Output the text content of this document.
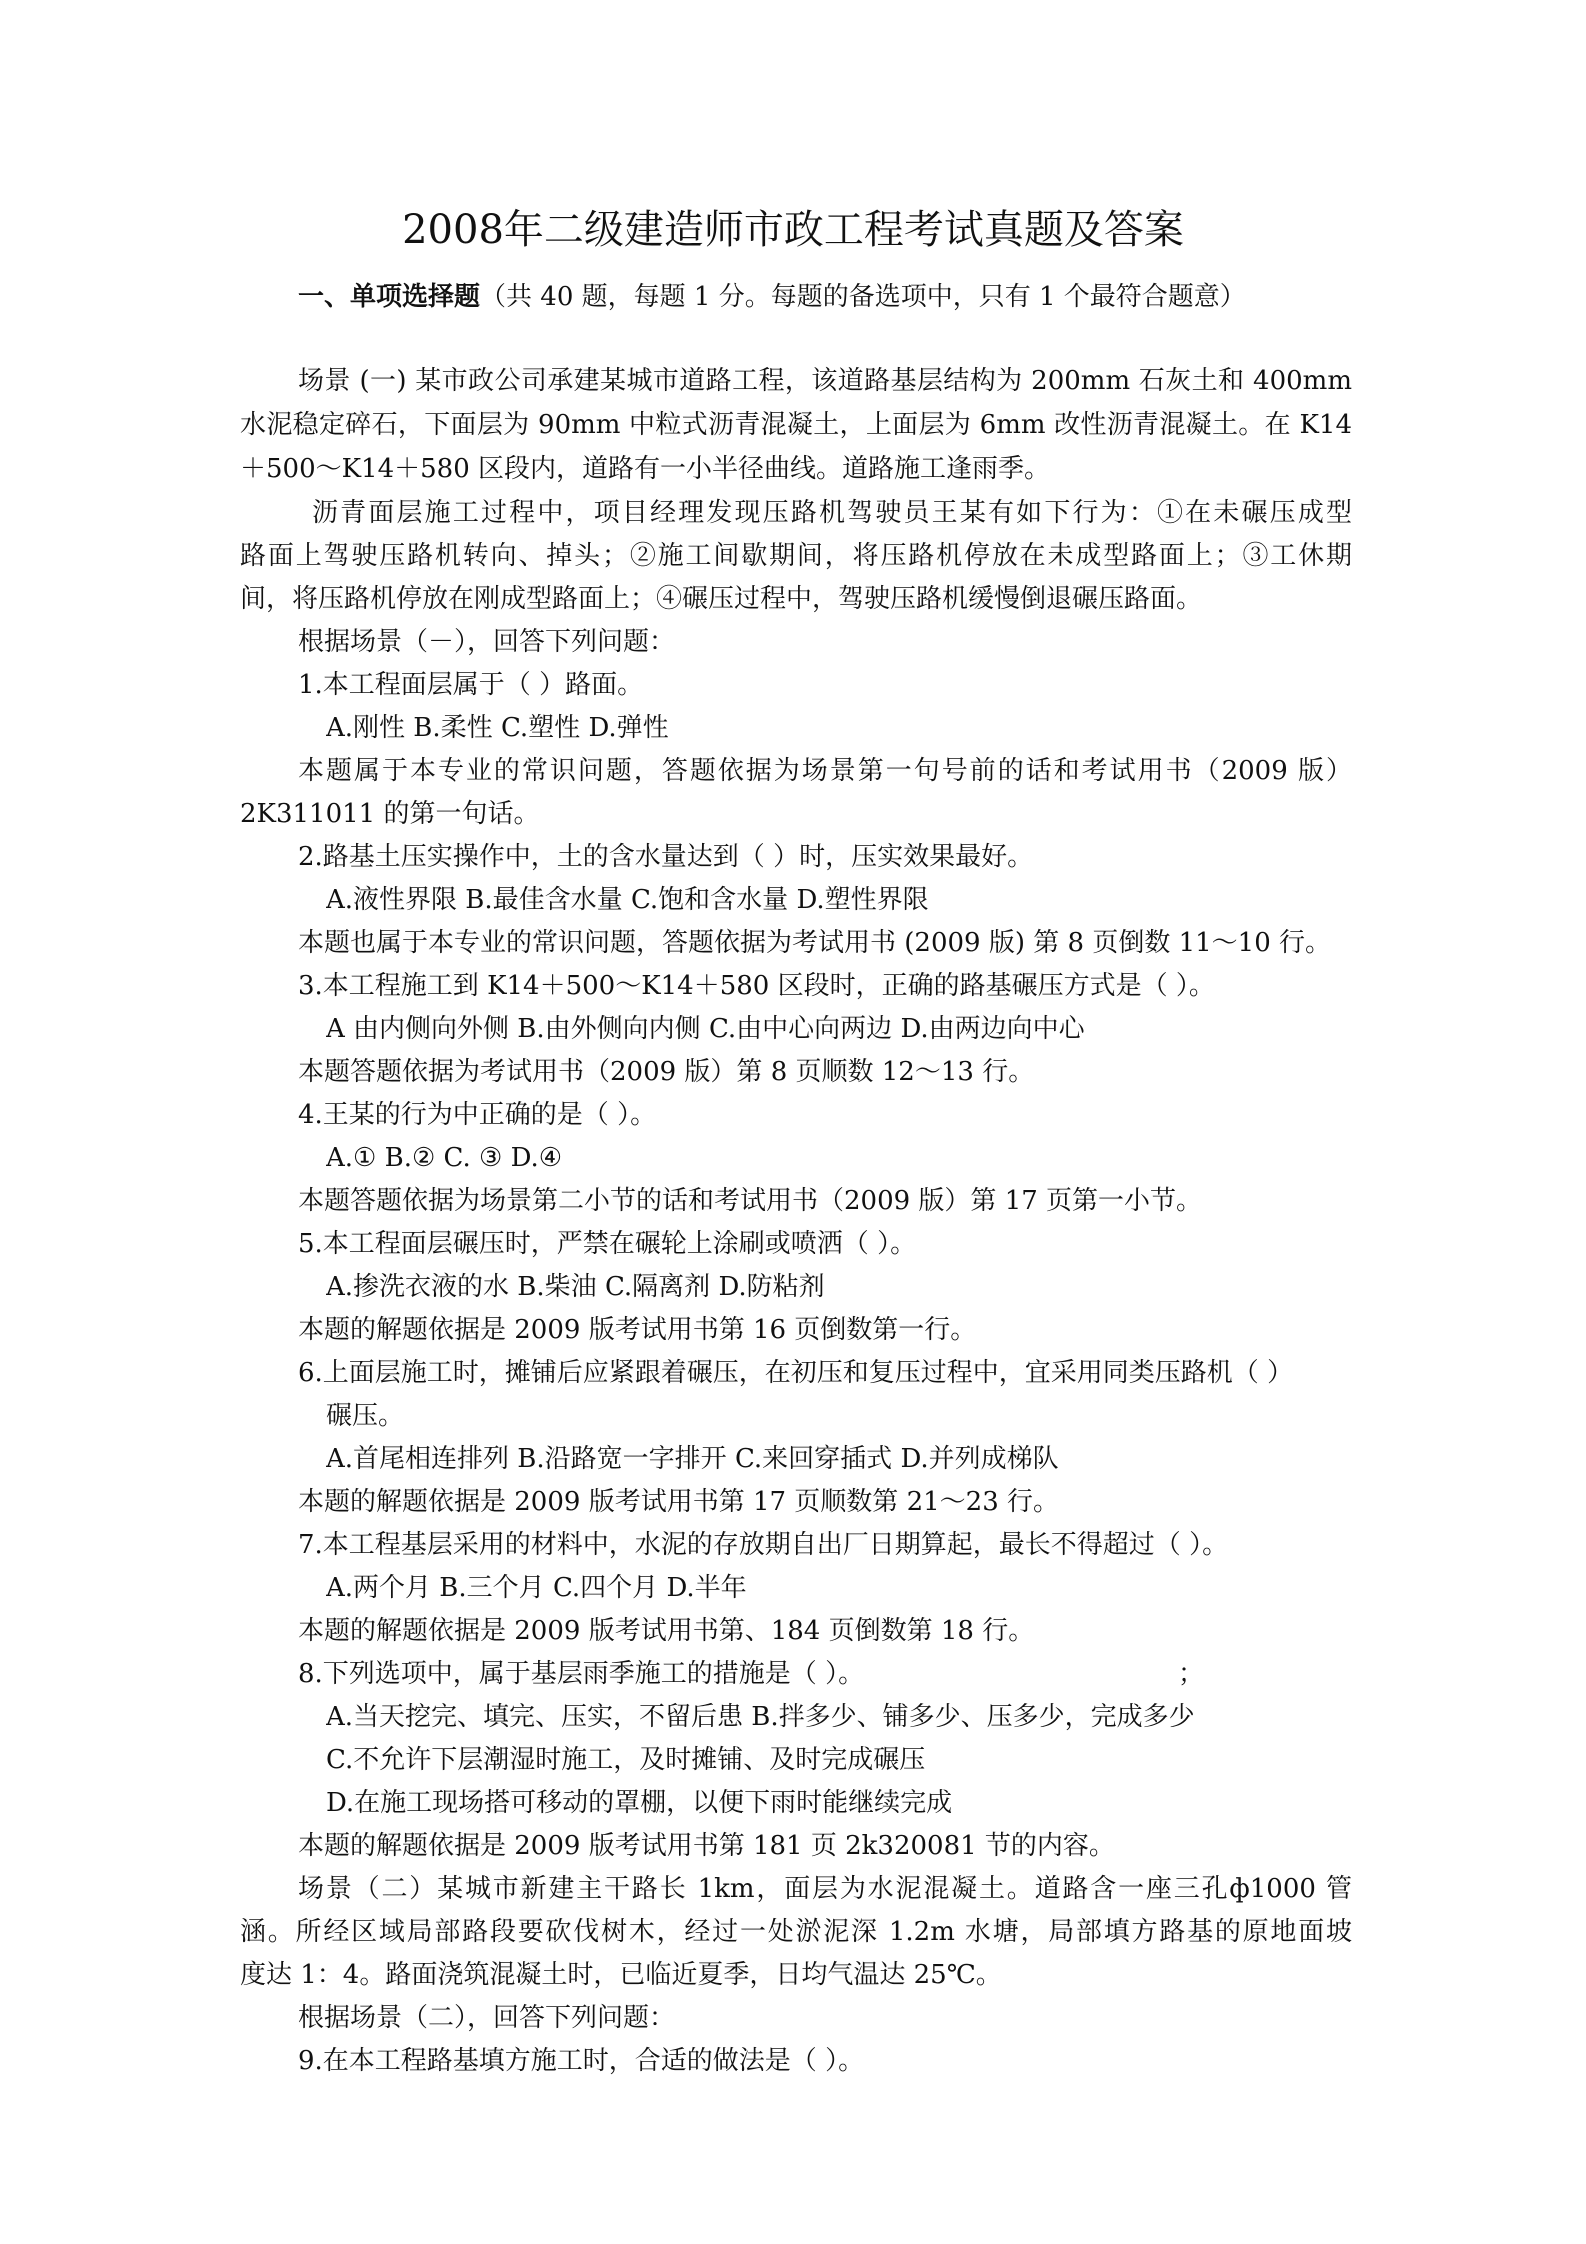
2008年二级建造师市政工程考试真题及答案
一、单项选择题（共 40 题，每题 1 分。每题的备选项中，只有 1 个最符合题意）
场景 (一) 某市政公司承建某城市道路工程，该道路基层结构为 200mm 石灰土和 400mm
水泥稳定碎石，下面层为 90mm 中粒式沥青混凝土，上面层为 6mm 改性沥青混凝土。在 K14
＋500～K14＋580 区段内，道路有一小半径曲线。道路施工逢雨季。
沥青面层施工过程中，项目经理发现压路机驾驶员王某有如下行为：①在未碾压成型
路面上驾驶压路机转向、掉头；②施工间歇期间，将压路机停放在未成型路面上；③工休期
间，将压路机停放在刚成型路面上；④碾压过程中，驾驶压路机缓慢倒退碾压路面。
根据场景（－），回答下列问题：
1.本工程面层属于（ ）路面。
A.刚性 B.柔性 C.塑性 D.弹性
本题属于本专业的常识问题，答题依据为场景第一句号前的话和考试用书（2009 版）
2K311011 的第一句话。
2.路基土压实操作中，土的含水量达到（ ）时，压实效果最好。
A.液性界限 B.最佳含水量 C.饱和含水量 D.塑性界限
本题也属于本专业的常识问题，答题依据为考试用书 (2009 版) 第 8 页倒数 11～10 行。
3.本工程施工到 K14＋500～K14＋580 区段时，正确的路基碾压方式是（ ）。
A 由内侧向外侧 B.由外侧向内侧 C.由中心向两边 D.由两边向中心
本题答题依据为考试用书（2009 版）第 8 页顺数 12～13 行。
4.王某的行为中正确的是（ ）。
A.① B.② C. ③ D.④
本题答题依据为场景第二小节的话和考试用书（2009 版）第 17 页第一小节。
5.本工程面层碾压时，严禁在碾轮上涂刷或喷洒（ ）。
A.掺洗衣液的水 B.柴油 C.隔离剂 D.防粘剂
本题的解题依据是 2009 版考试用书第 16 页倒数第一行。
6.上面层施工时，摊铺后应紧跟着碾压，在初压和复压过程中，宜采用同类压路机（ ）
碾压。
A.首尾相连排列 B.沿路宽一字排开 C.来回穿插式 D.并列成梯队
本题的解题依据是 2009 版考试用书第 17 页顺数第 21～23 行。
7.本工程基层采用的材料中，水泥的存放期自出厂日期算起，最长不得超过（ ）。
A.两个月 B.三个月 C.四个月 D.半年
本题的解题依据是 2009 版考试用书第、184 页倒数第 18 行。
8.下列选项中，属于基层雨季施工的措施是（ ）。	；
A.当天挖完、填完、压实，不留后患 B.拌多少、铺多少、压多少，完成多少
C.不允许下层潮湿时施工，及时摊铺、及时完成碾压
D.在施工现场搭可移动的罩棚，以便下雨时能继续完成
本题的解题依据是 2009 版考试用书第 181 页 2k320081 节的内容。
场景（二）某城市新建主干路长 1km，面层为水泥混凝土。道路含一座三孔ф1000 管
涵。所经区域局部路段要砍伐树木，经过一处淤泥深 1.2m 水塘，局部填方路基的原地面坡
度达 1：4。路面浇筑混凝土时，已临近夏季，日均气温达 25℃。
根据场景（二），回答下列问题：
9.在本工程路基填方施工时，合适的做法是（ ）。
